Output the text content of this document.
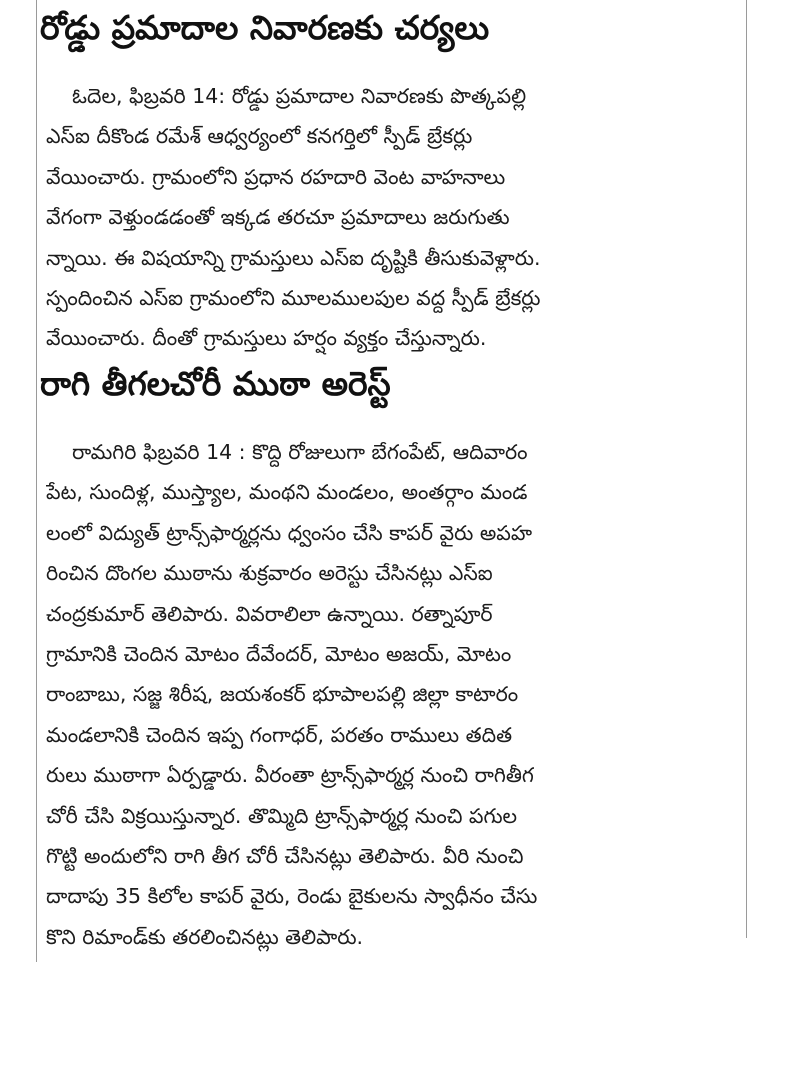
రోడ్డు ప్రమాదాల నివారణకు చర్యలు
ఓదెల, ఫిబ్రవరి 14: రోడ్డు ప్రమాదాల నివారణకు పొత్కపల్లి
ఎస్ఐ దీకొండ రమేశ్ ఆధ్వర్యంలో కనగర్తిలో స్పీడ్ బ్రేకర్లు
వేయించారు. గ్రామంలోని ప్రధాన రహదారి వెంట వాహనాలు
వేగంగా వెళ్తుండడంతో ఇక్కడ తరచూ ప్రమాదాలు జరుగుతు
న్నాయి. ఈ విషయాన్ని గ్రామస్తులు ఎస్ఐ దృష్టికి తీసుకువెళ్లారు.
స్పందించిన ఎస్ఐ గ్రామంలోని మూలములపుల వద్ద స్పీడ్ బ్రేకర్లు
వేయించారు. దీంతో గ్రామస్తులు హర్షం వ్యక్తం చేస్తున్నారు.
రాగి తీగలచోరీ ముఠా అరెస్ట్
రామగిరి ఫిబ్రవరి 14 : కొద్ది రోజులుగా బేగంపేట్, ఆదివారం
పేట, సుందిళ్ల, ముస్త్యాల, మంథని మండలం, అంతర్గాం మండ
లంలో విద్యుత్ ట్రాన్స్‌ఫార్మర్లను ధ్వంసం చేసి కాపర్ వైరు అపహ
రించిన దొంగల ముఠాను శుక్రవారం అరెస్టు చేసినట్లు ఎస్ఐ
చంద్రకుమార్ తెలిపారు. వివరాలిలా ఉన్నాయి. రత్నాపూర్
గ్రామానికి చెందిన మోటం దేవేందర్, మోటం అజయ్, మోటం
రాంబాబు, సజ్జ శిరీష, జయశంకర్ భూపాలపల్లి జిల్లా కాటారం
మండలానికి చెందిన ఇప్ప గంగాధర్, పరతం రాములు తదిత
రులు ముఠాగా ఏర్పడ్డారు. వీరంతా ట్రాన్స్‌ఫార్మర్ల నుంచి రాగితీగ
చోరీ చేసి విక్రయిస్తున్నార. తొమ్మిది ట్రాన్స్‌ఫార్మర్ల నుంచి పగుల
గొట్టి అందులోని రాగి తీగ చోరీ చేసినట్లు తెలిపారు. వీరి నుంచి
దాదాపు 35 కిలోల కాపర్ వైరు, రెండు బైకులను స్వాధీనం చేసు
కొని రిమాండ్‌కు తరలించినట్లు తెలిపారు.
